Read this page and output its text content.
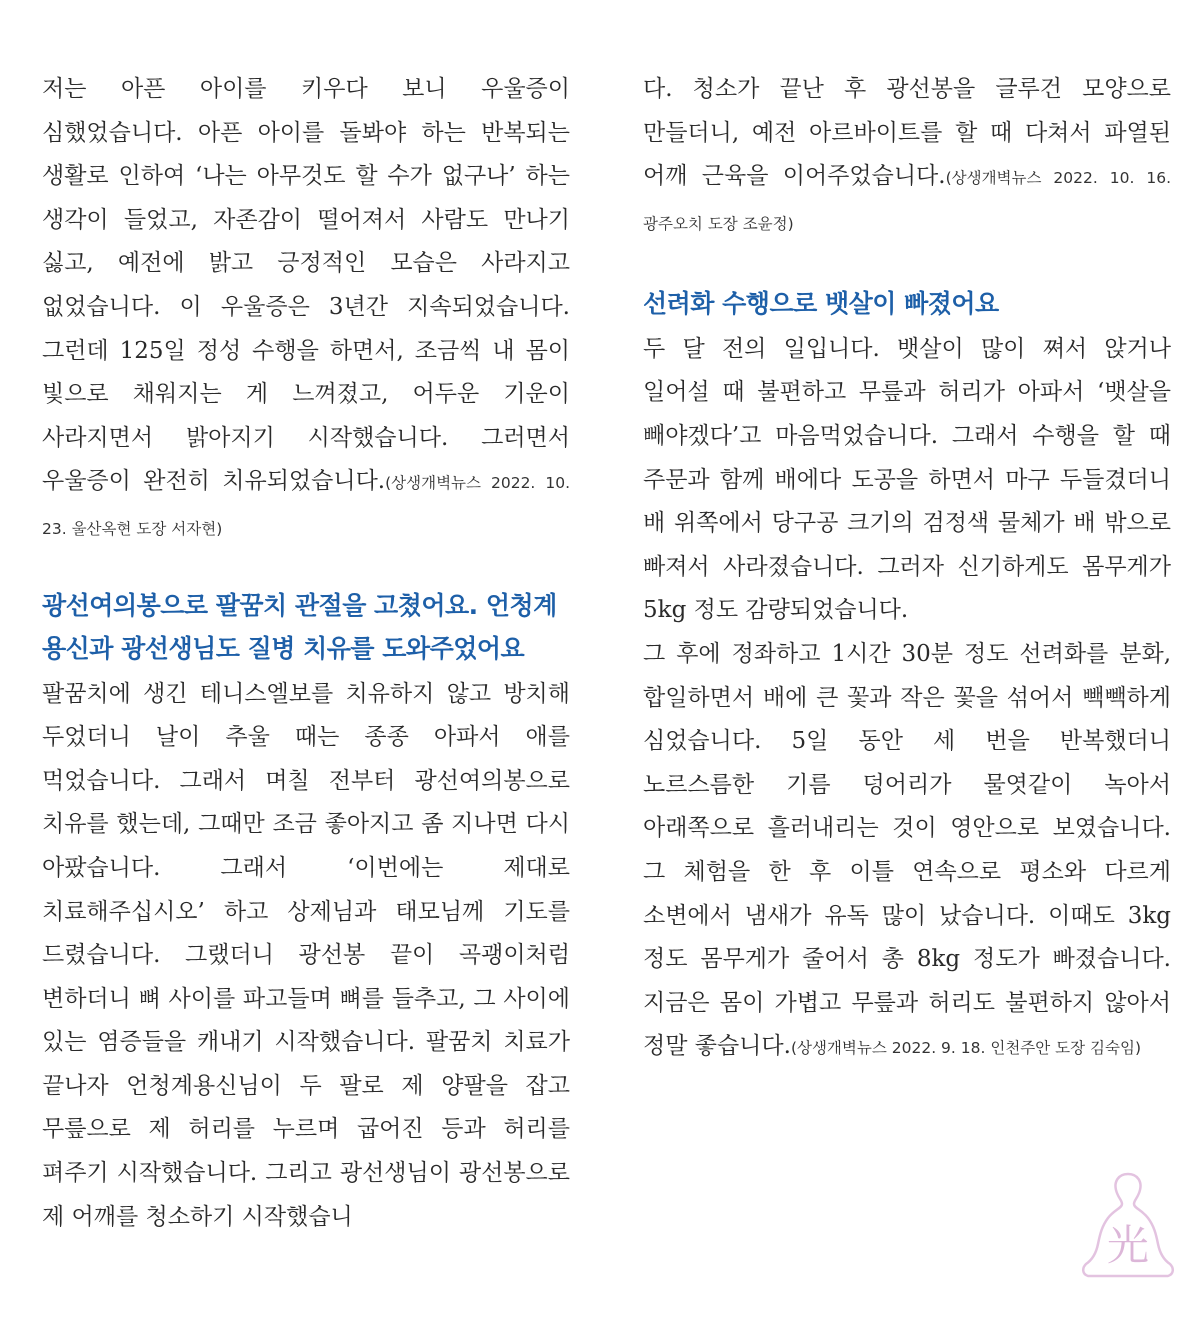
저는 아픈 아이를 키우다 보니 우울증이 심했었습니다. 아픈 아이를 돌봐야 하는 반복되는 생활로 인하여 ‘나는 아무것도 할 수가 없구나’ 하는 생각이 들었고, 자존감이 떨어져서 사람도 만나기 싫고, 예전에 밝고 긍정적인 모습은 사라지고 없었습니다. 이 우울증은 3년간 지속되었습니다. 그런데 125일 정성 수행을 하면서, 조금씩 내 몸이 빛으로 채워지는 게 느껴졌고, 어두운 기운이 사라지면서 밝아지기 시작했습니다. 그러면서 우울증이 완전히 치유되었습니다.(상생개벽뉴스 2022. 10. 23. 울산옥현 도장 서자현)

광선여의봉으로 팔꿈치 관절을 고쳤어요. 언청계용신과 광선생님도 질병 치유를 도와주었어요

팔꿈치에 생긴 테니스엘보를 치유하지 않고 방치해 두었더니 날이 추울 때는 종종 아파서 애를 먹었습니다. 그래서 며칠 전부터 광선여의봉으로 치유를 했는데, 그때만 조금 좋아지고 좀 지나면 다시 아팠습니다. 그래서 ‘이번에는 제대로 치료해주십시오’ 하고 상제님과 태모님께 기도를 드렸습니다. 그랬더니 광선봉 끝이 곡괭이처럼 변하더니 뼈 사이를 파고들며 뼈를 들추고, 그 사이에 있는 염증들을 캐내기 시작했습니다. 팔꿈치 치료가 끝나자 언청계용신님이 두 팔로 제 양팔을 잡고 무릎으로 제 허리를 누르며 굽어진 등과 허리를 펴주기 시작했습니다. 그리고 광선생님이 광선봉으로 제 어깨를 청소하기 시작했습니

다. 청소가 끝난 후 광선봉을 글루건 모양으로 만들더니, 예전 아르바이트를 할 때 다쳐서 파열된 어깨 근육을 이어주었습니다.(상생개벽뉴스 2022. 10. 16. 광주오치 도장 조윤정)

선려화 수행으로 뱃살이 빠졌어요

두 달 전의 일입니다. 뱃살이 많이 쪄서 앉거나 일어설 때 불편하고 무릎과 허리가 아파서 ‘뱃살을 빼야겠다’고 마음먹었습니다. 그래서 수행을 할 때 주문과 함께 배에다 도공을 하면서 마구 두들겼더니 배 위쪽에서 당구공 크기의 검정색 물체가 배 밖으로 빠져서 사라졌습니다. 그러자 신기하게도 몸무게가 5kg 정도 감량되었습니다.

그 후에 정좌하고 1시간 30분 정도 선려화를 분화, 합일하면서 배에 큰 꽃과 작은 꽃을 섞어서 빽빽하게 심었습니다. 5일 동안 세 번을 반복했더니 노르스름한 기름 덩어리가 물엿같이 녹아서 아래쪽으로 흘러내리는 것이 영안으로 보였습니다. 그 체험을 한 후 이틀 연속으로 평소와 다르게 소변에서 냄새가 유독 많이 났습니다. 이때도 3kg 정도 몸무게가 줄어서 총 8kg 정도가 빠졌습니다. 지금은 몸이 가볍고 무릎과 허리도 불편하지 않아서 정말 좋습니다.(상생개벽뉴스 2022. 9. 18. 인천주안 도장 김숙임)

光
